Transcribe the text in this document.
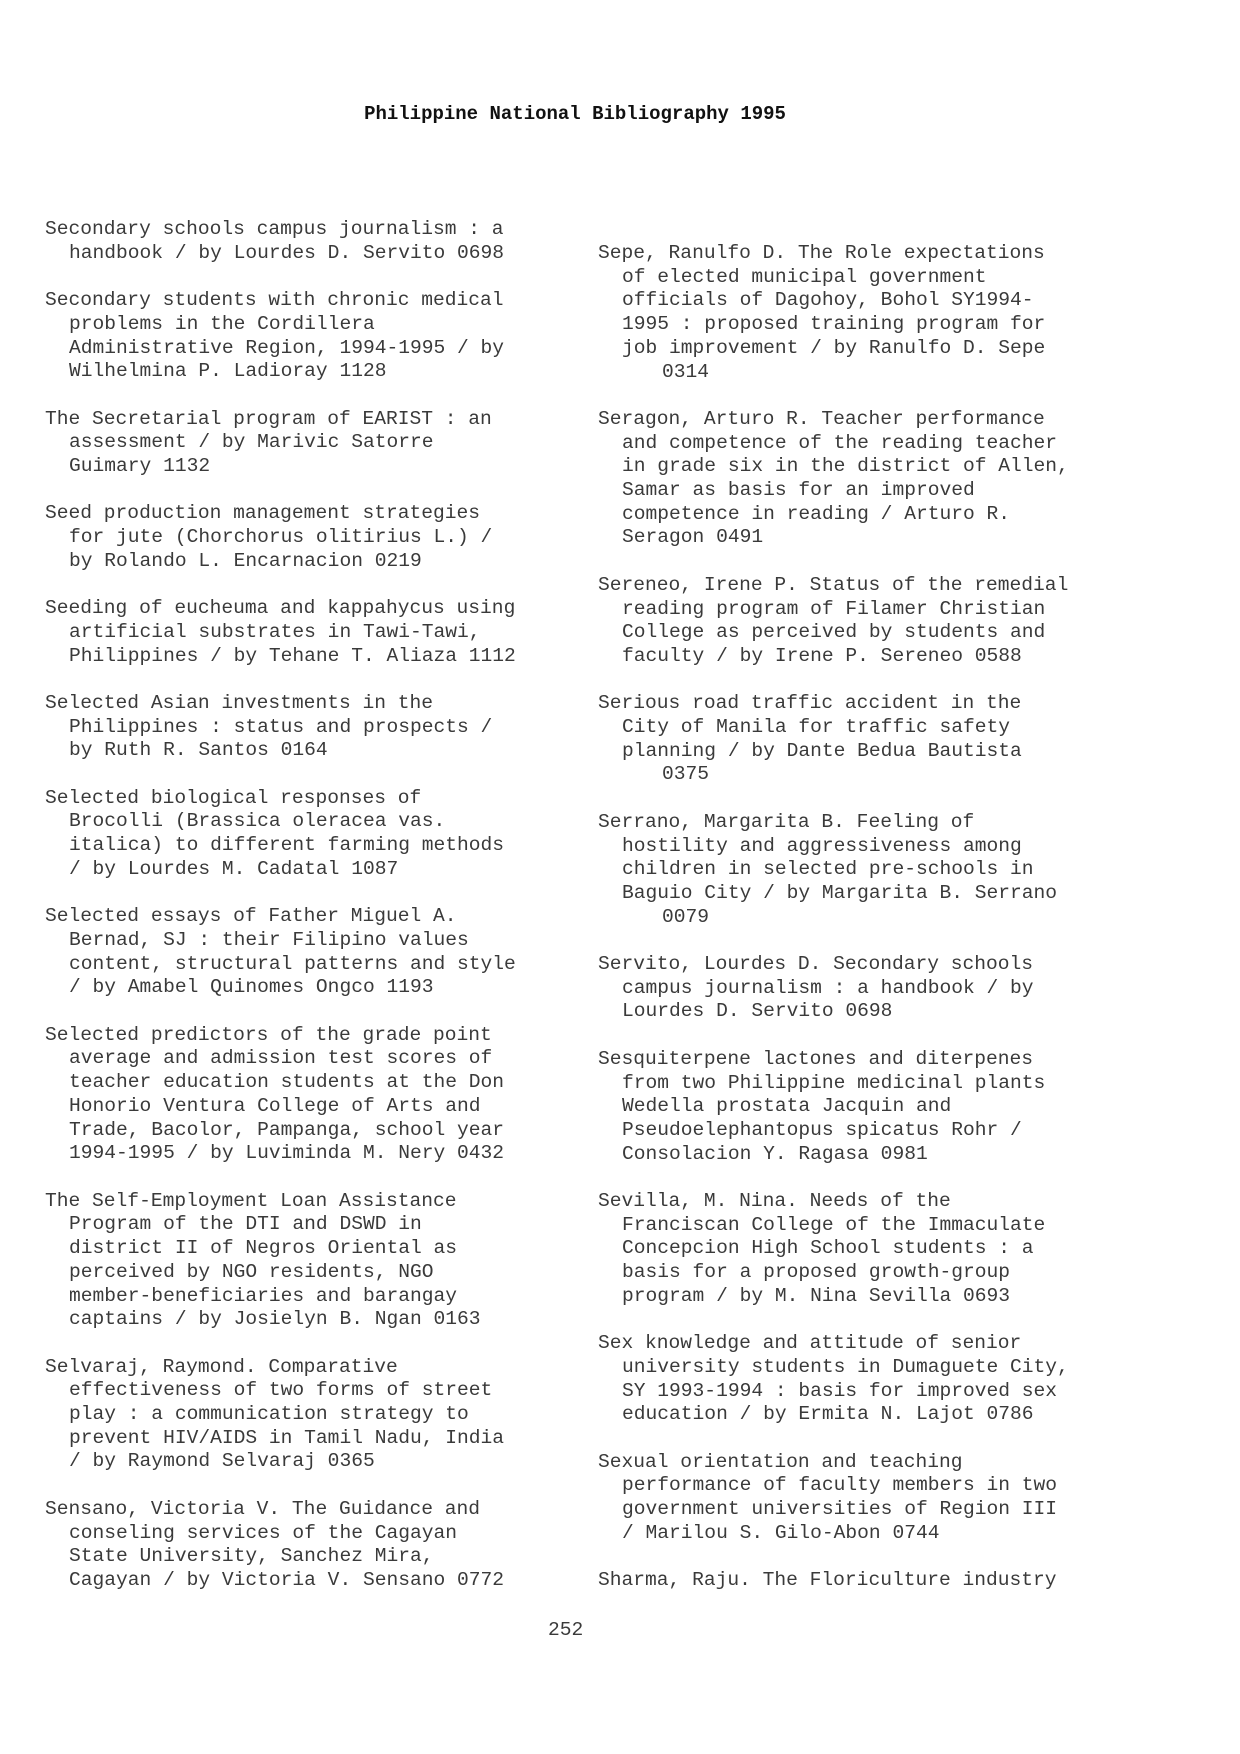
Philippine National Bibliography 1995
Secondary schools campus journalism : a
handbook / by Lourdes D. Servito 0698
Secondary students with chronic medical
problems in the Cordillera
Administrative Region, 1994-1995 / by
Wilhelmina P. Ladioray 1128
The Secretarial program of EARIST : an
assessment / by Marivic Satorre
Guimary 1132
Seed production management strategies
for jute (Chorchorus olitirius L.) /
by Rolando L. Encarnacion 0219
Seeding of eucheuma and kappahycus using
artificial substrates in Tawi-Tawi,
Philippines / by Tehane T. Aliaza 1112
Selected Asian investments in the
Philippines : status and prospects /
by Ruth R. Santos 0164
Selected biological responses of
Brocolli (Brassica oleracea vas.
italica) to different farming methods
/ by Lourdes M. Cadatal 1087
Selected essays of Father Miguel A.
Bernad, SJ : their Filipino values
content, structural patterns and style
/ by Amabel Quinomes Ongco 1193
Selected predictors of the grade point
average and admission test scores of
teacher education students at the Don
Honorio Ventura College of Arts and
Trade, Bacolor, Pampanga, school year
1994-1995 / by Luviminda M. Nery 0432
The Self-Employment Loan Assistance
Program of the DTI and DSWD in
district II of Negros Oriental as
perceived by NGO residents, NGO
member-beneficiaries and barangay
captains / by Josielyn B. Ngan 0163
Selvaraj, Raymond. Comparative
effectiveness of two forms of street
play : a communication strategy to
prevent HIV/AIDS in Tamil Nadu, India
/ by Raymond Selvaraj 0365
Sensano, Victoria V. The Guidance and
conseling services of the Cagayan
State University, Sanchez Mira,
Cagayan / by Victoria V. Sensano 0772
Sepe, Ranulfo D. The Role expectations
of elected municipal government
officials of Dagohoy, Bohol SY1994-
1995 : proposed training program for
job improvement / by Ranulfo D. Sepe
0314
Seragon, Arturo R. Teacher performance
and competence of the reading teacher
in grade six in the district of Allen,
Samar as basis for an improved
competence in reading / Arturo R.
Seragon 0491
Sereneo, Irene P. Status of the remedial
reading program of Filamer Christian
College as perceived by students and
faculty / by Irene P. Sereneo 0588
Serious road traffic accident in the
City of Manila for traffic safety
planning / by Dante Bedua Bautista
0375
Serrano, Margarita B. Feeling of
hostility and aggressiveness among
children in selected pre-schools in
Baguio City / by Margarita B. Serrano
0079
Servito, Lourdes D. Secondary schools
campus journalism : a handbook / by
Lourdes D. Servito 0698
Sesquiterpene lactones and diterpenes
from two Philippine medicinal plants
Wedella prostata Jacquin and
Pseudoelephantopus spicatus Rohr /
Consolacion Y. Ragasa 0981
Sevilla, M. Nina. Needs of the
Franciscan College of the Immaculate
Concepcion High School students : a
basis for a proposed growth-group
program / by M. Nina Sevilla 0693
Sex knowledge and attitude of senior
university students in Dumaguete City,
SY 1993-1994 : basis for improved sex
education / by Ermita N. Lajot 0786
Sexual orientation and teaching
performance of faculty members in two
government universities of Region III
/ Marilou S. Gilo-Abon 0744
Sharma, Raju. The Floriculture industry
252
